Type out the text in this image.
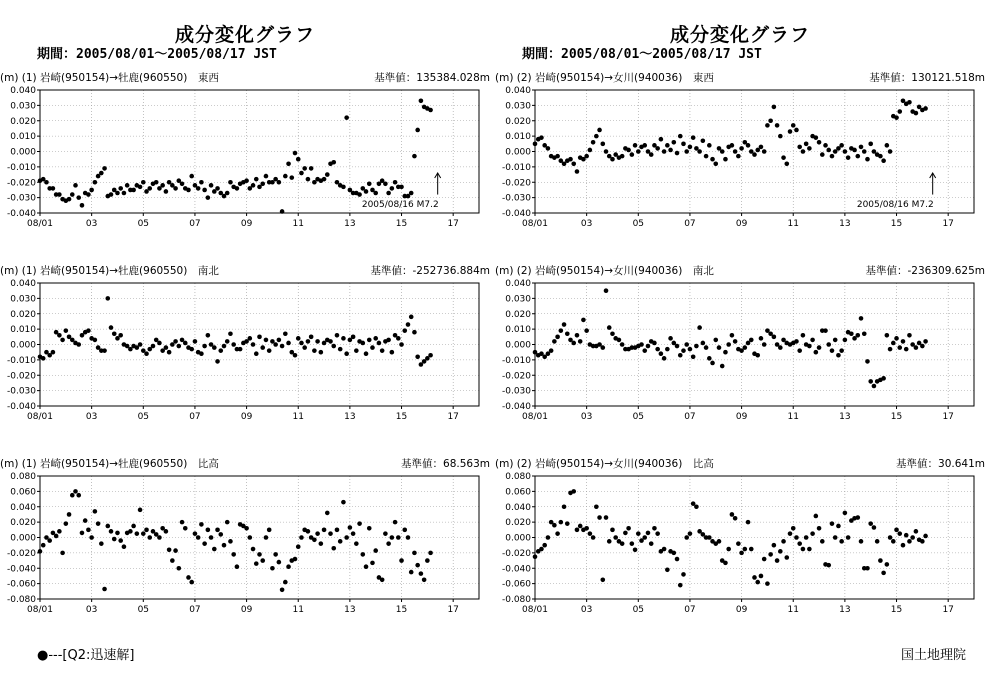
成分変化グラフ
期間：2005/08/01～2005/08/17 JST
(m) (1) 岩崎(950154)→牡鹿(960550)　東西	基準値：135384.028m
0.040
0.030
0.020
0.010
0.000
-0.010
-0.020
-0.030
-0.040
08/01	03	05	07	09	11	13	15	17
2005/08/16 M7.2
(m) (1) 岩崎(950154)→牡鹿(960550)　南北	基準値：-252736.884m
0.040
0.030
0.020
0.010
0.000
-0.010
-0.020
-0.030
-0.040
08/01	03	05	07	09	11	13	15	17
(m) (1) 岩崎(950154)→牡鹿(960550)　比高	基準値：68.563m
0.080
0.060
0.040
0.020
0.000
-0.020
-0.040
-0.060
-0.080
08/01	03	05	07	09	11	13	15	17
成分変化グラフ
期間：2005/08/01～2005/08/17 JST
(m) (2) 岩崎(950154)→女川(940036)　東西	基準値：130121.518m
0.040
0.030
0.020
0.010
0.000
-0.010
-0.020
-0.030
-0.040
08/01	03	05	07	09	11	13	15	17
2005/08/16 M7.2
(m) (2) 岩崎(950154)→女川(940036)　南北	基準値：-236309.625m
0.040
0.030
0.020
0.010
0.000
-0.010
-0.020
-0.030
-0.040
08/01	03	05	07	09	11	13	15	17
(m) (2) 岩崎(950154)→女川(940036)　比高	基準値：30.641m
0.080
0.060
0.040
0.020
0.000
-0.020
-0.040
-0.060
-0.080
08/01	03	05	07	09	11	13	15	17
●---[Q2:迅速解]	国土地理院
